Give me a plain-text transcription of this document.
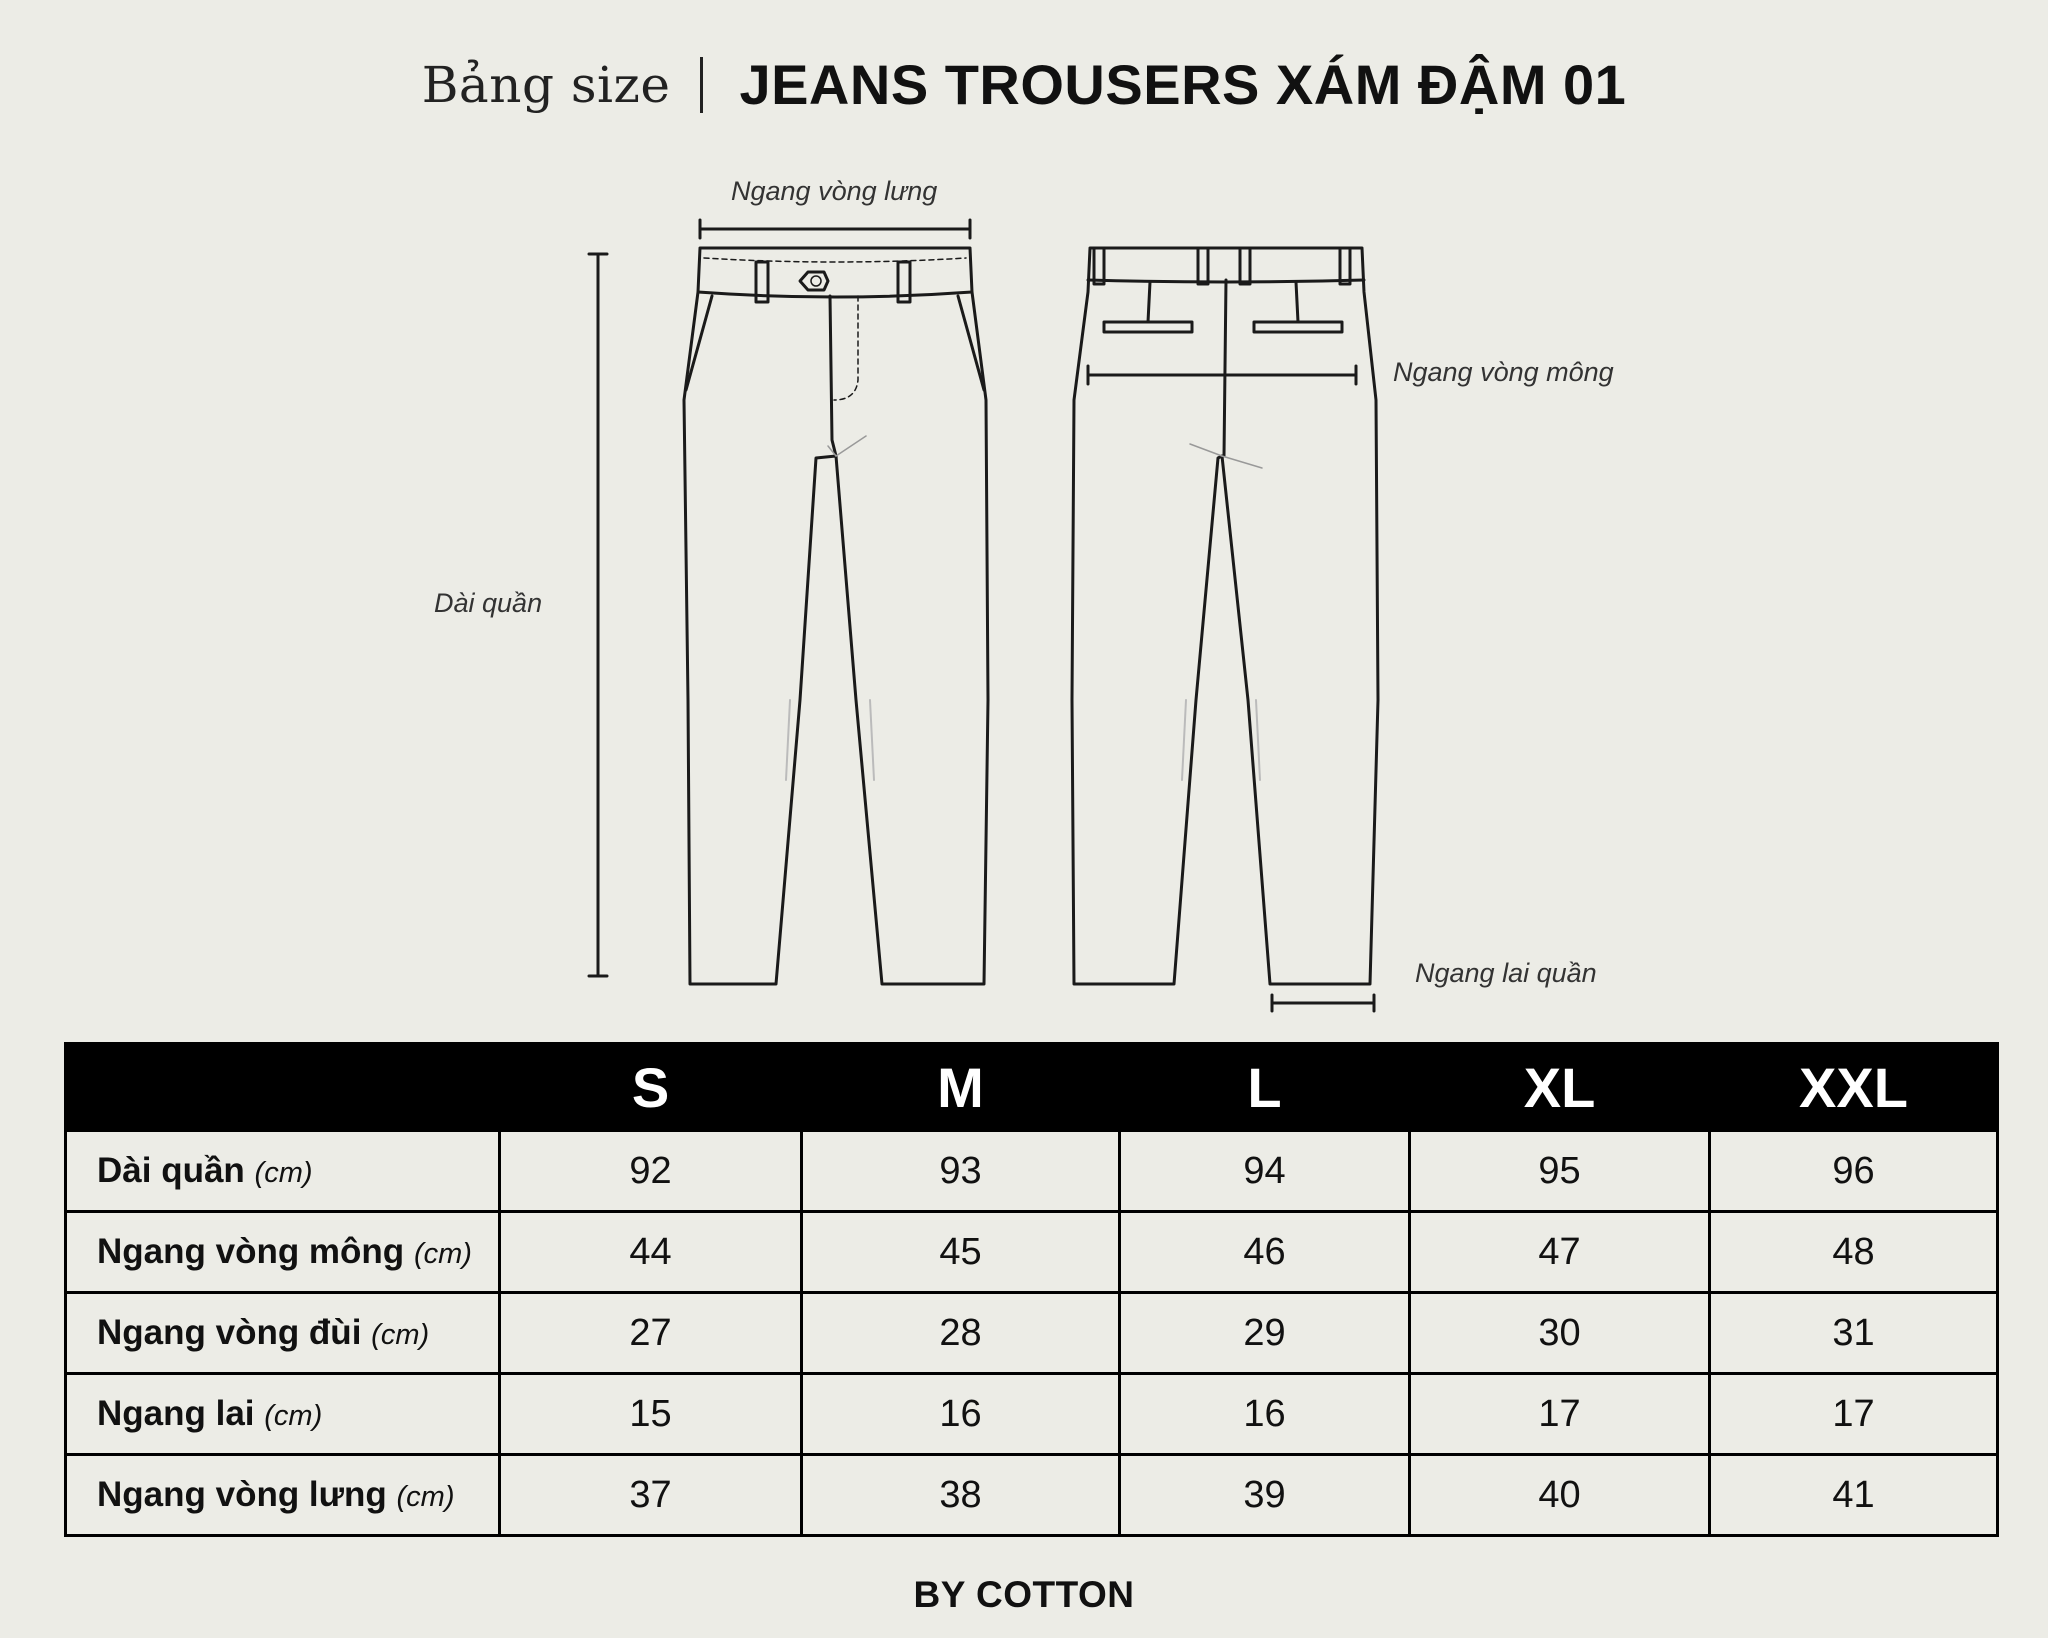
Bảng size JEANS TROUSERS XÁM ĐẬM 01
Ngang vòng lưng
Ngang vòng mông
Dài quần
Ngang lai quần
	S	M	L	XL	XXL
Dài quần (cm)	92	93	94	95	96
Ngang vòng mông (cm)	44	45	46	47	48
Ngang vòng đùi (cm)	27	28	29	30	31
Ngang lai (cm)	15	16	16	17	17
Ngang vòng lưng (cm)	37	38	39	40	41
BY COTTON
